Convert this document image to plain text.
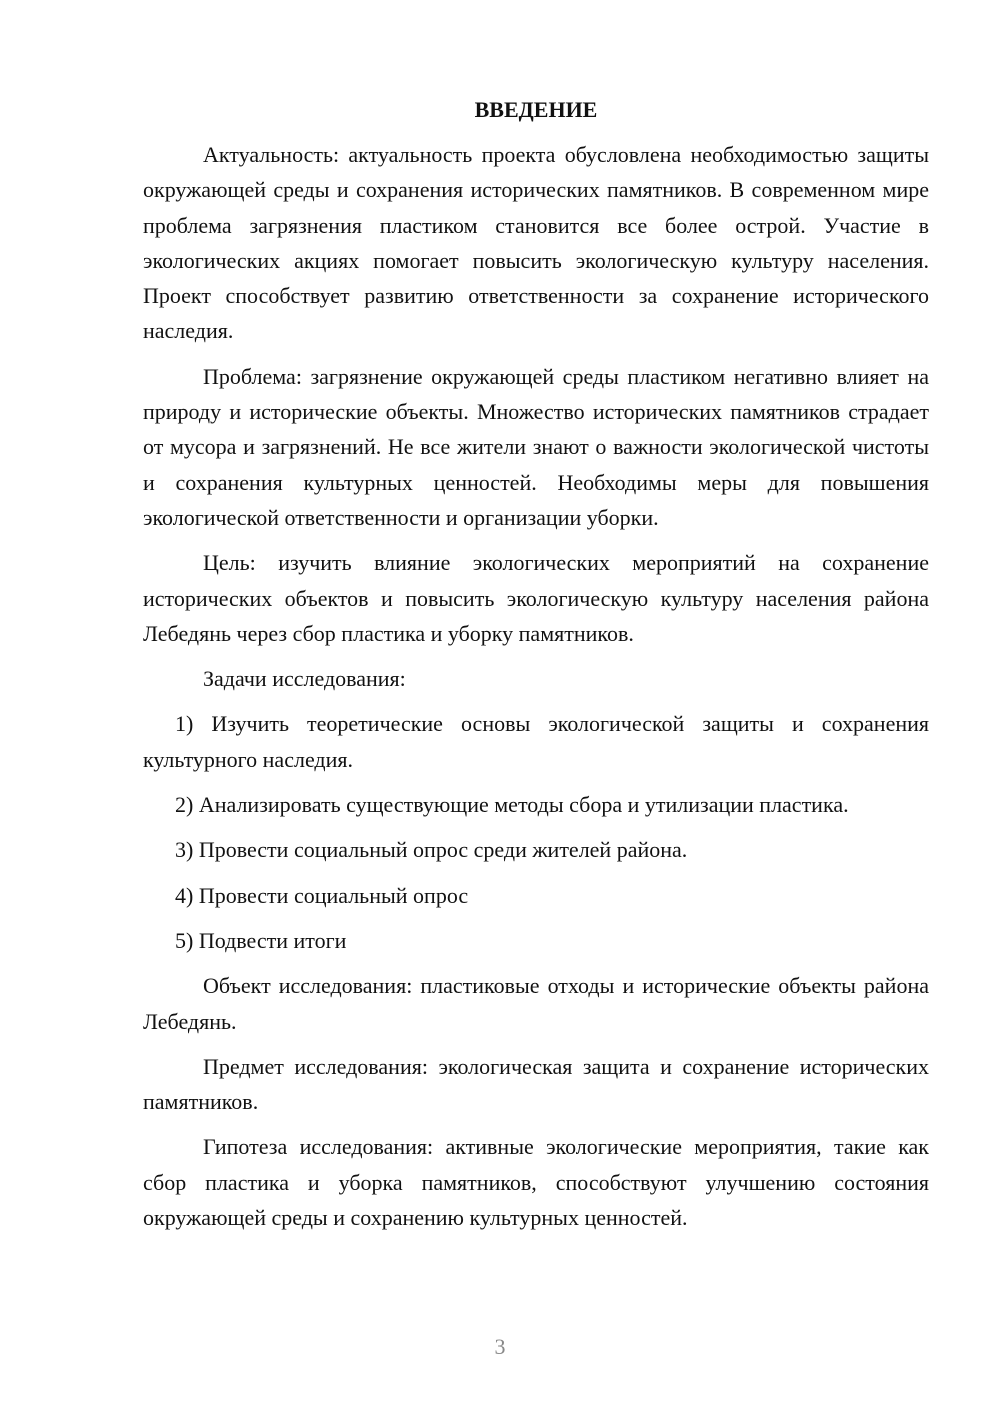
ВВЕДЕНИЕ

Актуальность: актуальность проекта обусловлена необходимостью защиты окружающей среды и сохранения исторических памятников. В современном мире проблема загрязнения пластиком становится все более острой. Участие в экологических акциях помогает повысить экологическую культуру населения. Проект способствует развитию ответственности за сохранение исторического наследия.

Проблема: загрязнение окружающей среды пластиком негативно влияет на природу и исторические объекты. Множество исторических памятников страдает от мусора и загрязнений. Не все жители знают о важности экологической чистоты и сохранения культурных ценностей. Необходимы меры для повышения экологической ответственности и организации уборки.

Цель: изучить влияние экологических мероприятий на сохранение исторических объектов и повысить экологическую культуру населения района Лебедянь через сбор пластика и уборку памятников.

Задачи исследования:

1) Изучить теоретические основы экологической защиты и сохранения культурного наследия.

2) Анализировать существующие методы сбора и утилизации пластика.

3) Провести социальный опрос среди жителей района.

4) Провести социальный опрос

5) Подвести итоги

Объект исследования: пластиковые отходы и исторические объекты района Лебедянь.

Предмет исследования: экологическая защита и сохранение исторических памятников.

Гипотеза исследования: активные экологические мероприятия, такие как сбор пластика и уборка памятников, способствуют улучшению состояния окружающей среды и сохранению культурных ценностей.

3
